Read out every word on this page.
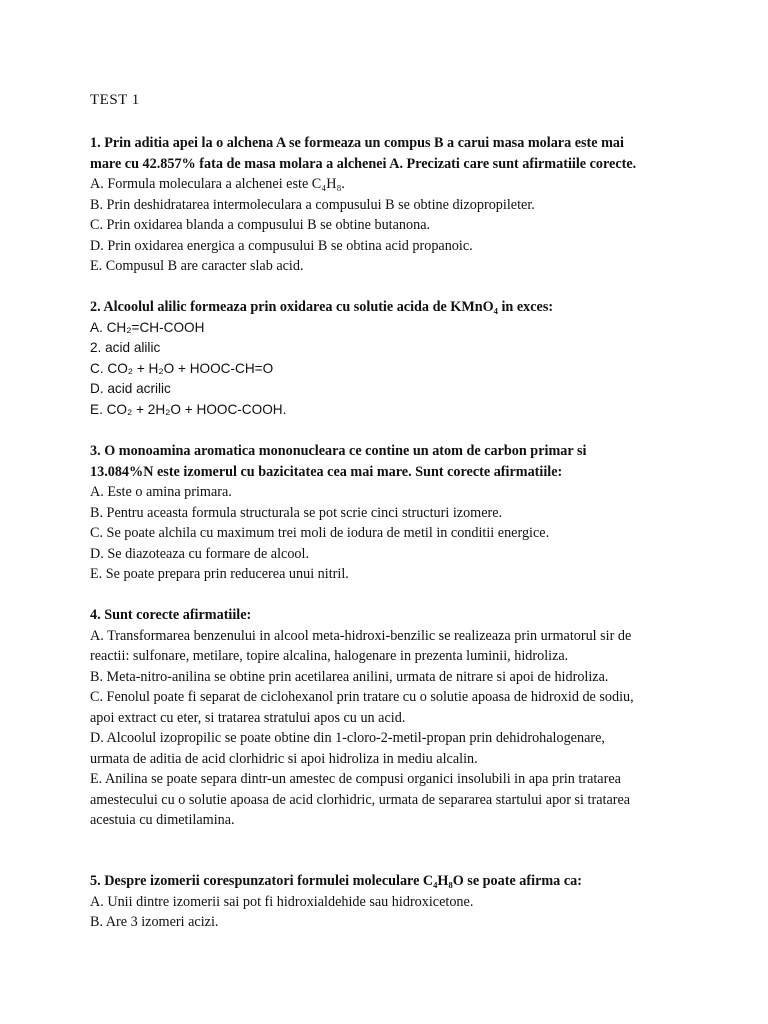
TEST 1
1. Prin aditia apei la o alchena A se formeaza un compus B a carui masa molara este mai
mare cu 42.857% fata de masa molara a alchenei A. Precizati care sunt afirmatiile corecte.
A. Formula moleculara a alchenei este C₄H₈.
B. Prin deshidratarea intermoleculara a compusului B se obtine dizopropileter.
C. Prin oxidarea blanda a compusului B se obtine butanona.
D. Prin oxidarea energica a compusului B se obtina acid propanoic.
E. Compusul B are caracter slab acid.
2. Alcoolul alilic formeaza prin oxidarea cu solutie acida de KMnO₄ in exces:
A. CH₂=CH-COOH
2. acid alilic
C. CO₂ + H₂O + HOOC-CH=O
D. acid acrilic
E. CO₂ + 2H₂O + HOOC-COOH.
3. O monoamina aromatica mononucleara ce contine un atom de carbon primar si
13.084%N este izomerul cu bazicitatea cea mai mare. Sunt corecte afirmatiile:
A. Este o amina primara.
B. Pentru aceasta formula structurala se pot scrie cinci structuri izomere.
C. Se poate alchila cu maximum trei moli de iodura de metil in conditii energice.
D. Se diazoteaza cu formare de alcool.
E. Se poate prepara prin reducerea unui nitril.
4. Sunt corecte afirmatiile:
A. Transformarea benzenului in alcool meta-hidroxi-benzilic se realizeaza prin urmatorul sir de
reactii: sulfonare, metilare, topire alcalina, halogenare in prezenta luminii, hidroliza.
B. Meta-nitro-anilina se obtine prin acetilarea anilini, urmata de nitrare si apoi de hidroliza.
C. Fenolul poate fi separat de ciclohexanol prin tratare cu o solutie apoasa de hidroxid de sodiu,
apoi extract cu eter, si tratarea stratului apos cu un acid.
D. Alcoolul izopropilic se poate obtine din 1-cloro-2-metil-propan prin dehidrohalogenare,
urmata de aditia de acid clorhidric si apoi hidroliza in mediu alcalin.
E. Anilina se poate separa dintr-un amestec de compusi organici insolubili in apa prin tratarea
amestecului cu o solutie apoasa de acid clorhidric, urmata de separarea startului apor si tratarea
acestuia cu dimetilamina.
5. Despre izomerii corespunzatori formulei moleculare C₄H₈O se poate afirma ca:
A. Unii dintre izomerii sai pot fi hidroxialdehide sau hidroxicetone.
B. Are 3 izomeri acizi.
